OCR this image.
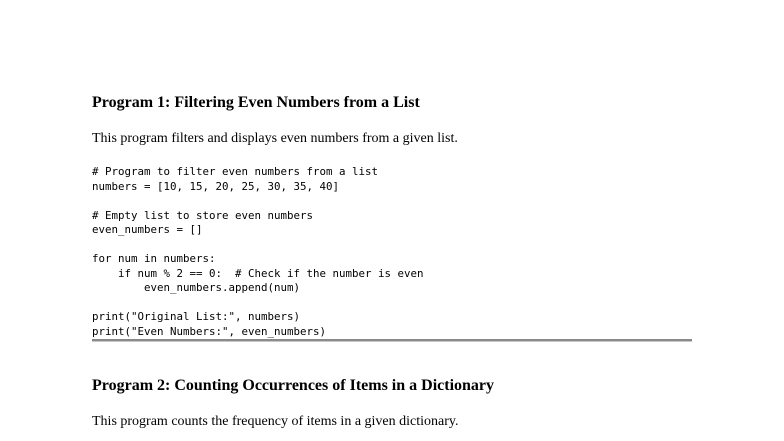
Program 1: Filtering Even Numbers from a List
This program filters and displays even numbers from a given list.
# Program to filter even numbers from a list
numbers = [10, 15, 20, 25, 30, 35, 40]
# Empty list to store even numbers
even_numbers = []
for num in numbers:
if num % 2 == 0:  # Check if the number is even
even_numbers.append(num)
print("Original List:", numbers)
print("Even Numbers:", even_numbers)
Program 2: Counting Occurrences of Items in a Dictionary
This program counts the frequency of items in a given dictionary.
